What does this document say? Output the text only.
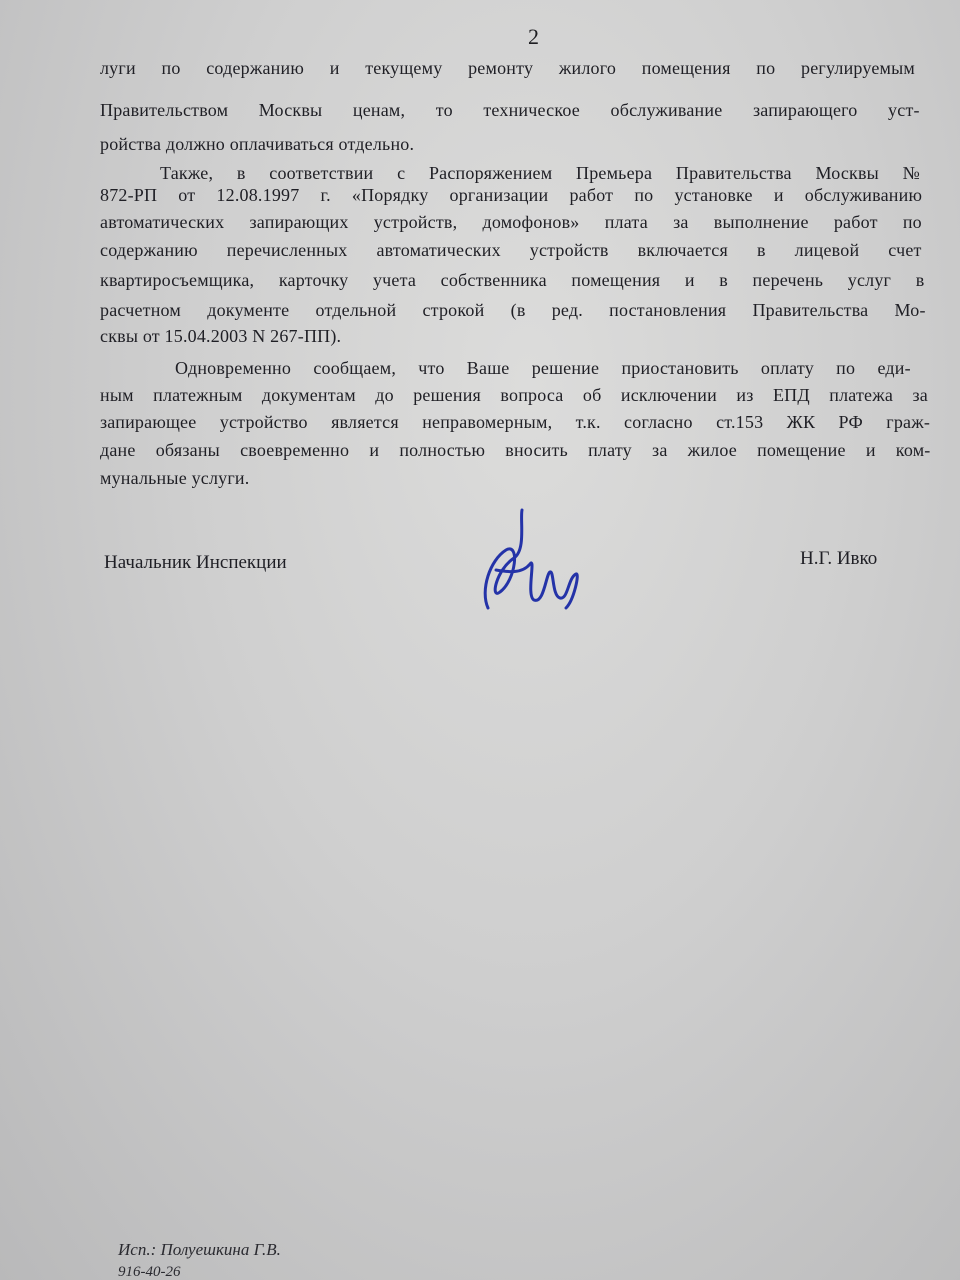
2
луги по содержанию и текущему ремонту жилого помещения по регулируемым
Правительством Москвы ценам, то техническое обслуживание запирающего уст-
ройства должно оплачиваться отдельно.
Также, в соответствии с Распоряжением Премьера Правительства Москвы №
872-РП от 12.08.1997 г. «Порядку организации работ по установке и обслуживанию
автоматических запирающих устройств, домофонов» плата за выполнение работ по
содержанию перечисленных автоматических устройств включается в лицевой счет
квартиросъемщика, карточку учета собственника помещения и в перечень услуг в
расчетном документе отдельной строкой (в ред. постановления Правительства Мо-
сквы от 15.04.2003 N 267-ПП).
Одновременно сообщаем, что Ваше решение приостановить оплату по еди-
ным платежным документам до решения вопроса об исключении из ЕПД платежа за
запирающее устройство является неправомерным, т.к. согласно ст.153 ЖК РФ граж-
дане обязаны своевременно и полностью вносить плату за жилое помещение и ком-
мунальные услуги.
Начальник Инспекции	Н.Г. Ивко
Исп.: Полуешкина Г.В.
916-40-26
